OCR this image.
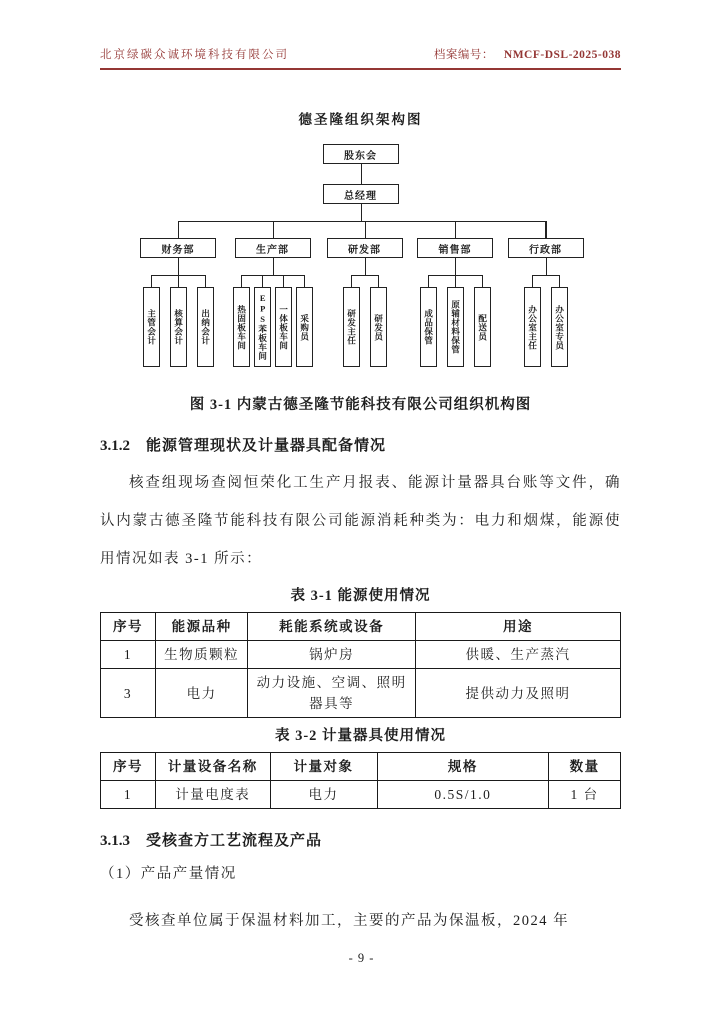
北京绿碳众诚环境科技有限公司	档案编号： NMCF-DSL-2025-038
德圣隆组织架构图
股东会
总经理
财务部
主管会计	核算会计	出纳会计
生产部
热固板车间	EPS苯板车间	一体板车间	采购员
研发部
研发主任	研发员
销售部
成品保管	原辅材料保管	配送员
行政部
办公室主任	办公室专员
图 3-1 内蒙古德圣隆节能科技有限公司组织机构图
3.1.2 能源管理现状及计量器具配备情况

核查组现场查阅恒荣化工生产月报表、能源计量器具台账等文件，确认内蒙古德圣隆节能科技有限公司能源消耗种类为：电力和烟煤，能源使用情况如表 3-1 所示：

表 3-1 能源使用情况
序号	能源品种	耗能系统或设备	用途
1	生物质颗粒	锅炉房	供暖、生产蒸汽
3	电力	动力设施、空调、照明器具等	提供动力及照明
表 3-2 计量器具使用情况
序号	计量设备名称	计量对象	规格	数量
1	计量电度表	电力	0.5S/1.0	1 台
3.1.3 受核查方工艺流程及产品

（1）产品产量情况

受核查单位属于保温材料加工，主要的产品为保温板，2024 年

- 9 -
